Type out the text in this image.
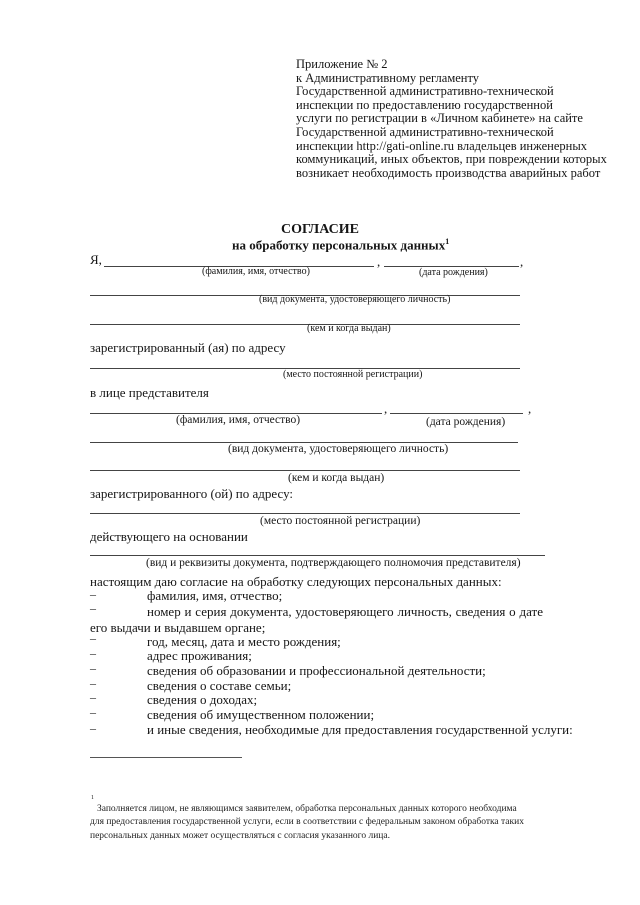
Приложение № 2
к Административному регламенту
Государственной административно-технической
инспекции по предоставлению государственной
услуги по регистрации в «Личном кабинете» на сайте
Государственной административно-технической
инспекции http://gati-online.ru владельцев инженерных
коммуникаций, иных объектов, при повреждении которых
возникает необходимость производства аварийных работ
СОГЛАСИЕ
на обработку персональных данных$^1$
Я,	,	,
(фамилия, имя, отчество)	(дата рождения)
(вид документа, удостоверяющего личность)
(кем и когда выдан)
зарегистрированный (ая) по адресу
(место постоянной регистрации)
в лице представителя
,	,
(фамилия, имя, отчество)	(дата рождения)
(вид документа, удостоверяющего личность)
(кем и когда выдан)
зарегистрированного (ой) по адресу:
(место постоянной регистрации)
действующего на основании
(вид и реквизиты документа, подтверждающего полномочия представителя)
настоящим даю согласие на обработку следующих персональных данных:
–	фамилия, имя, отчество;
–	номер и серия документа, удостоверяющего личность, сведения о дате
его выдачи и выдавшем органе;
–	год, месяц, дата и место рождения;
–	адрес проживания;
–	сведения об образовании и профессиональной деятельности;
–	сведения о составе семьи;
–	сведения о доходах;
–	сведения об имущественном положении;
–	и иные сведения, необходимые для предоставления государственной услуги:
1
Заполняется лицом, не являющимся заявителем, обработка персональных данных которого необходима
для предоставления государственной услуги, если в соответствии с федеральным законом обработка таких
персональных данных может осуществляться с согласия указанного лица.
